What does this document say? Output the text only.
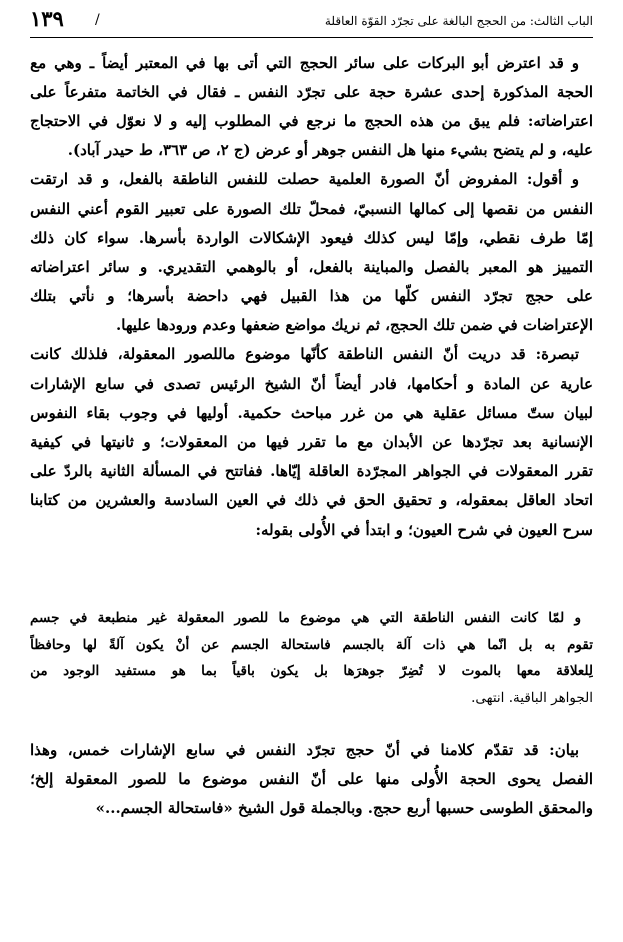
الباب الثالث: من الحجج البالغة على تجرّد القوّة العاقلة
/
١٣٩
و
قد
اعترض
أبو
البركات
على
سائر
الحجج
التي
أتى
بها
في
المعتبر
أيضاً
ـ
وهي
مع
الحجة
المذكورة
إحدى
عشرة
حجة
على
تجرّد
النفس
ـ
فقال
في
الخاتمة
متفرعاً
على
اعتراضاته:
فلم
يبق
من
هذه
الحجج
ما
نرجع
في
المطلوب
إليه
و
لا
نعوّل
في
الاحتجاج
عليه، و لم يتضح بشيء منها هل النفس جوهر أو عرض (ج ٢، ص ٣٦٣، ط حيدر آباد).
و
أقول:
المفروض
أنّ
الصورة
العلمية
حصلت
للنفس
الناطقة
بالفعل،
و
قد
ارتقت
النفس
من
نقصها
إلى
كمالها
النسبيّ،
فمحلّ
تلك
الصورة
على
تعبير
القوم
أعني
النفس
إمّا
طرف
نقطي،
وإمّا
ليس
كذلك
فيعود
الإشكالات
الواردة
بأسرها.
سواء
كان
ذلك
التمييز
هو
المعبر
بالفصل
والمباينة
بالفعل،
أو
بالوهمي
التقديري.
و
سائر
اعتراضاته
على
حجج
تجرّد
النفس
كلّها
من
هذا
القبيل
فهي
داحضة
بأسرها؛
و
نأتي
بتلك
الإعتراضات في ضمن تلك الحجج، ثم نريك مواضع ضعفها وعدم ورودها عليها.
تبصرة:
قد
دريت
أنّ
النفس
الناطقة
كأنّها
موضوع
ماللصور
المعقولة،
فلذلك
كانت
عارية
عن
المادة
و
أحكامها،
فادر
أيضاً
أنّ
الشيخ
الرئيس
تصدى
في
سابع
الإشارات
لبيان
ستّ
مسائل
عقلية
هي
من
غرر
مباحث
حكمية.
أوليها
في
وجوب
بقاء
النفوس
الإنسانية
بعد
تجرّدها
عن
الأبدان
مع
ما
تقرر
فيها
من
المعقولات؛
و
ثانيتها
في
كيفية
تقرر
المعقولات
في
الجواهر
المجرّدة
العاقلة
إيّاها.
ففاتتح
في
المسألة
الثانية
بالردّ
على
اتحاد
العاقل
بمعقوله،
و
تحقيق
الحق
في
ذلك
في
العين
السادسة
والعشرين
من
كتابنا
سرح العيون في شرح العيون؛ و ابتدأ في الأُولى بقوله:
و
لمّا
كانت
النفس
الناطقة
التي
هي
موضوع
ما
للصور
المعقولة
غير
منطبعة
في
جسم
تقوم
به
بل
انّما
هي
ذات
آلة
بالجسم
فاستحالة
الجسم
عن
أنْ
يكون
آلةً
لها
وحافظاً
لِلعلاقة
معها
بالموت
لا
تُضِرّ
جوهرَها
بل
يكون
باقياً
بما
هو
مستفيد
الوجود
من
الجواهر الباقية. انتهى.
بيان:
قد
تقدّم
كلامنا
في
أنّ
حجج
تجرّد
النفس
في
سابع
الإشارات
خمس،
وهذا
الفصل
يحوى
الحجة
الأُولى
منها
على
أنّ
النفس
موضوع
ما
للصور
المعقولة
إلخ؛
والمحقق الطوسى حسبها أربع حجج. وبالجملة قول الشيخ «فاستحالة الجسم...»
